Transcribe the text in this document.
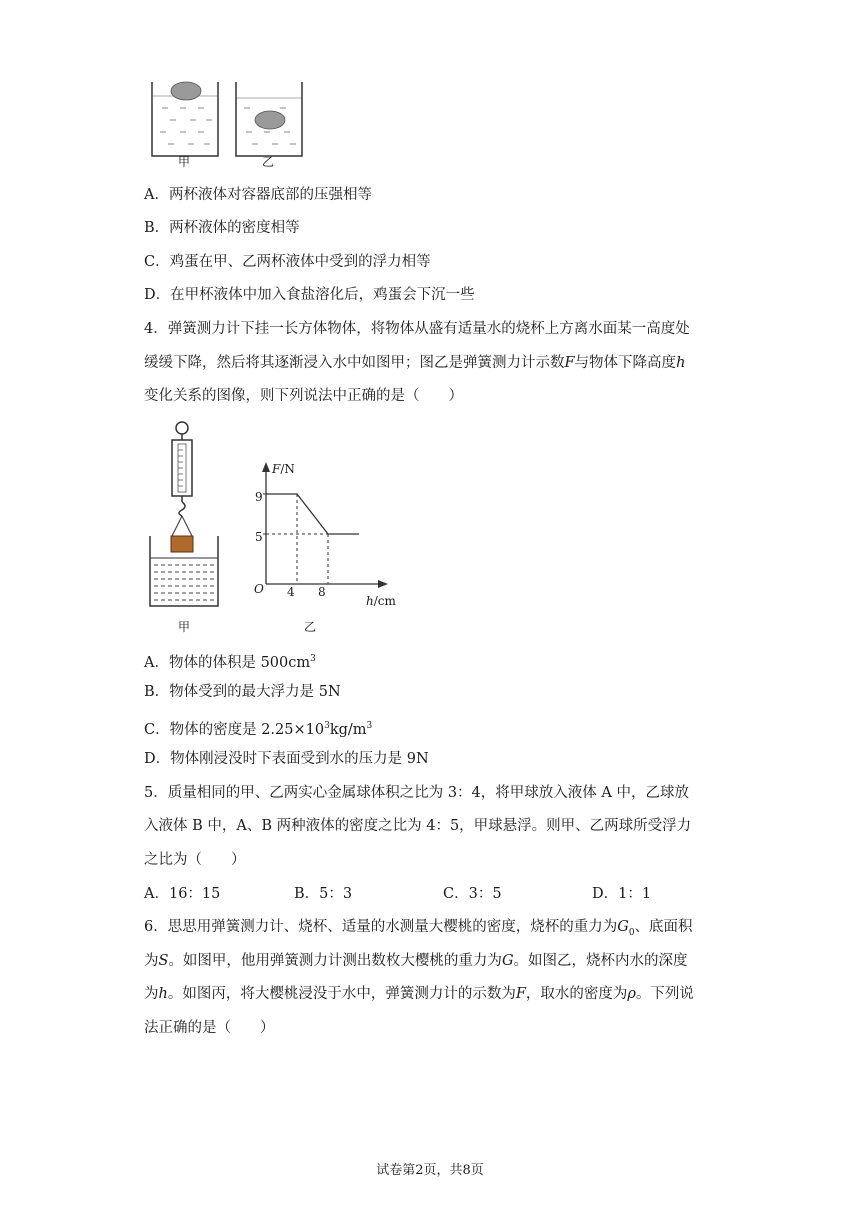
甲	乙
A．两杯液体对容器底部的压强相等
B．两杯液体的密度相等
C．鸡蛋在甲、乙两杯液体中受到的浮力相等
D．在甲杯液体中加入食盐溶化后，鸡蛋会下沉一些
4．弹簧测力计下挂一长方体物体，将物体从盛有适量水的烧杯上方离水面某一高度处
缓缓下降，然后将其逐渐浸入水中如图甲；图乙是弹簧测力计示数F与物体下降高度h
变化关系的图像，则下列说法中正确的是（　　）
甲
F/N
9
5
O 4 8
h/cm
乙
A．物体的体积是 $500cm^3$
B．物体受到的最大浮力是 5N
C．物体的密度是 $2.25\times 10^3kg/m^3$
D．物体刚浸没时下表面受到水的压力是 9N
5．质量相同的甲、乙两实心金属球体积之比为 3：4，将甲球放入液体 A 中，乙球放
入液体 B 中，A、B 两种液体的密度之比为 4：5，甲球悬浮。则甲、乙两球所受浮力
之比为（　　）
A．16：15	B．5：3	C．3：5	D．1：1
6．思思用弹簧测力计、烧杯、适量的水测量大樱桃的密度，烧杯的重力为$G_0$、底面积
为S。如图甲，他用弹簧测力计测出数枚大樱桃的重力为G。如图乙，烧杯内水的深度
为h。如图丙，将大樱桃浸没于水中，弹簧测力计的示数为F，取水的密度为ρ。下列说
法正确的是（　　）
试卷第2页，共8页
